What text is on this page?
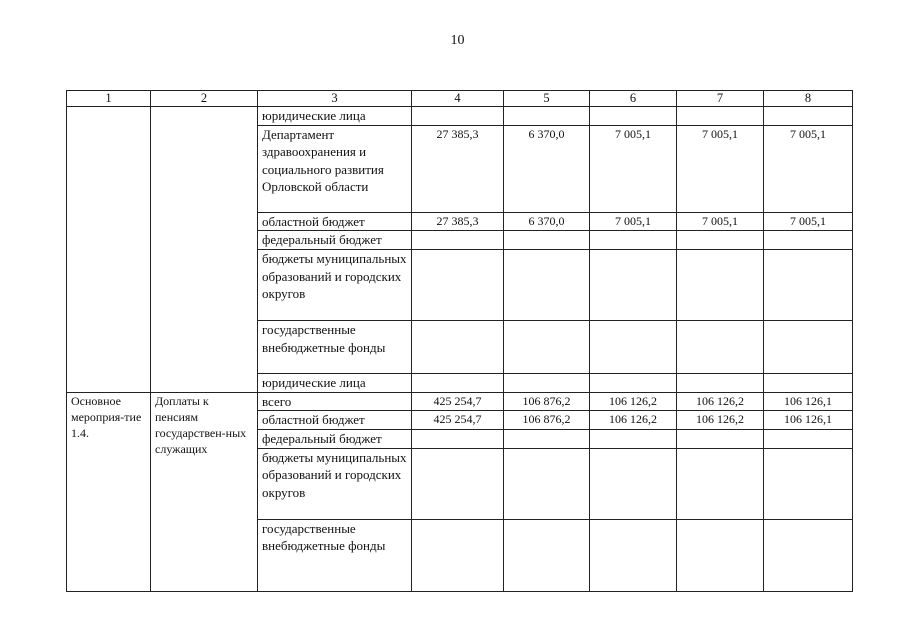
10
1	2	3	4	5	6	7	8
		юридические лица					
		Департамент здравоохранения и социального развития Орловской области	27 385,3	6 370,0	7 005,1	7 005,1	7 005,1
		областной бюджет	27 385,3	6 370,0	7 005,1	7 005,1	7 005,1
		федеральный бюджет					
		бюджеты муниципальных образований и городских округов					
		государственные внебюджетные фонды					
		юридические лица					
Основное мероприя-тие 1.4.	Доплаты к пенсиям государствен-ных служащих	всего	425 254,7	106 876,2	106 126,2	106 126,2	106 126,1
		областной бюджет	425 254,7	106 876,2	106 126,2	106 126,2	106 126,1
		федеральный бюджет					
		бюджеты муниципальных образований и городских округов					
		государственные внебюджетные фонды					
